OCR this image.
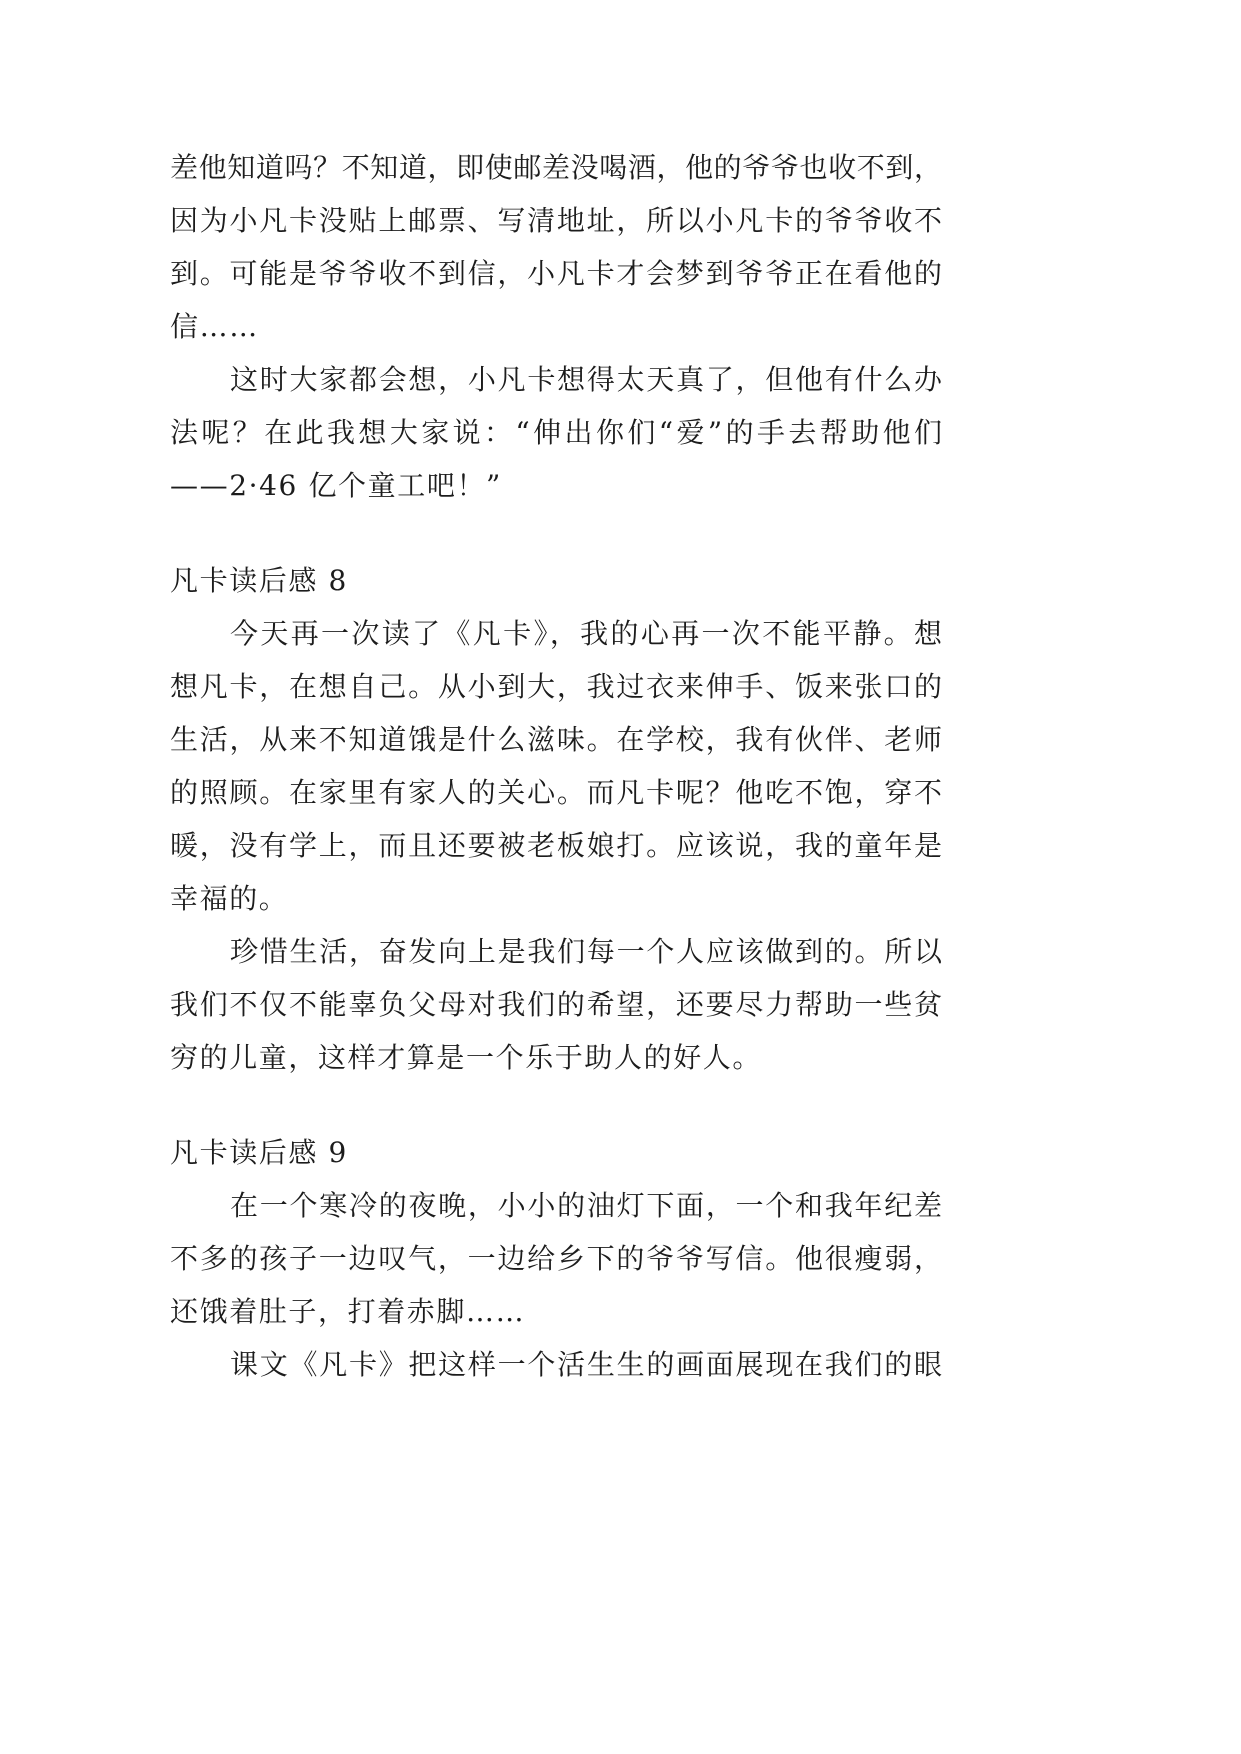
差他知道吗？不知道，即使邮差没喝酒，他的爷爷也收不到，
因为小凡卡没贴上邮票、写清地址，所以小凡卡的爷爷收不
到。可能是爷爷收不到信，小凡卡才会梦到爷爷正在看他的
信……
这时大家都会想，小凡卡想得太天真了，但他有什么办
法呢？在此我想大家说：“伸出你们“爱”的手去帮助他们
——2·46 亿个童工吧！”
凡卡读后感 8
今天再一次读了《凡卡》，我的心再一次不能平静。想
想凡卡，在想自己。从小到大，我过衣来伸手、饭来张口的
生活，从来不知道饿是什么滋味。在学校，我有伙伴、老师
的照顾。在家里有家人的关心。而凡卡呢？他吃不饱，穿不
暖，没有学上，而且还要被老板娘打。应该说，我的童年是
幸福的。
珍惜生活，奋发向上是我们每一个人应该做到的。所以
我们不仅不能辜负父母对我们的希望，还要尽力帮助一些贫
穷的儿童，这样才算是一个乐于助人的好人。
凡卡读后感 9
在一个寒冷的夜晚，小小的油灯下面，一个和我年纪差
不多的孩子一边叹气，一边给乡下的爷爷写信。他很瘦弱，
还饿着肚子，打着赤脚……
课文《凡卡》把这样一个活生生的画面展现在我们的眼
